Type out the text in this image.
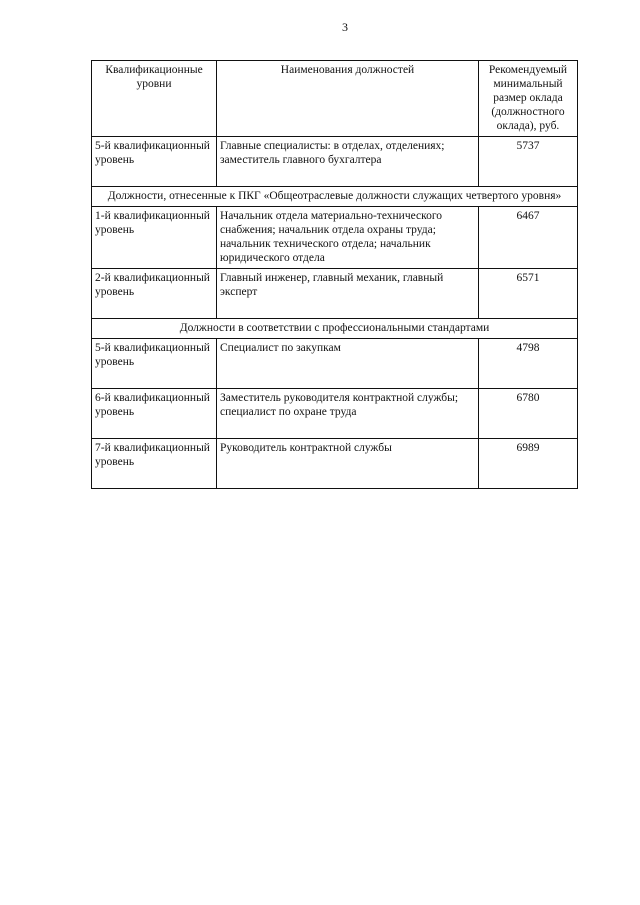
3
Квалификационные уровни	Наименования должностей	Рекомендуемый минимальный размер оклада (должностного оклада), руб.
5-й квалификационный уровень	Главные специалисты: в отделах, отделениях; заместитель главного бухгалтера	5737
Должности, отнесенные к ПКГ «Общеотраслевые должности служащих четвертого уровня»		
1-й квалификационный уровень	Начальник отдела материально-технического снабжения; начальник отдела охраны труда; начальник технического отдела; начальник юридического отдела	6467
2-й квалификационный уровень	Главный инженер, главный механик, главный эксперт	6571
Должности в соответствии с профессиональными стандартами		
5-й квалификационный уровень	Специалист по закупкам	4798
6-й квалификационный уровень	Заместитель руководителя контрактной службы; специалист по охране труда	6780
7-й квалификационный уровень	Руководитель контрактной службы	6989
